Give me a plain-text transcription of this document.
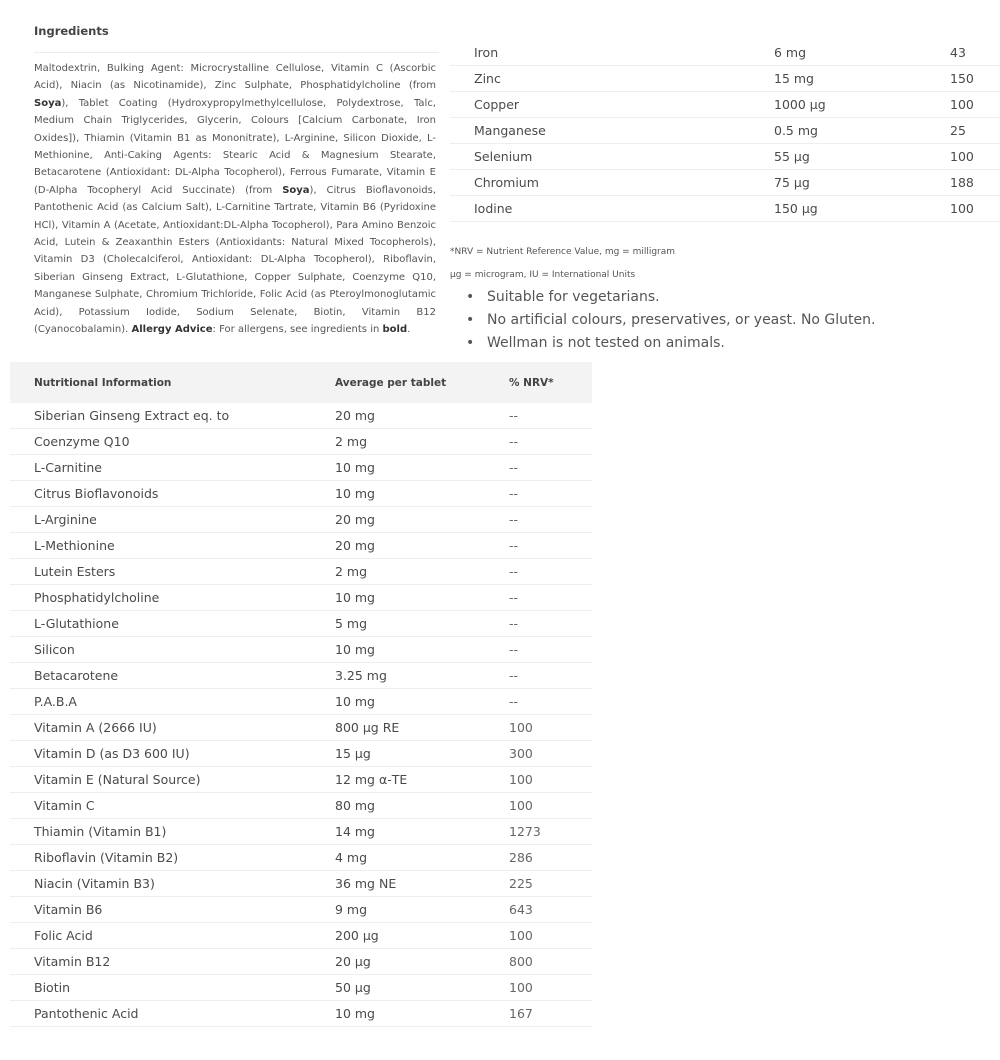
Ingredients

Maltodextrin, Bulking Agent: Microcrystalline Cellulose, Vitamin C (Ascorbic Acid), Niacin (as Nicotinamide), Zinc Sulphate, Phosphatidylcholine (from Soya), Tablet Coating (Hydroxypropylmethylcellulose, Polydextrose, Talc, Medium Chain Triglycerides, Glycerin, Colours [Calcium Carbonate, Iron Oxides]), Thiamin (Vitamin B1 as Mononitrate), L-Arginine, Silicon Dioxide, L-Methionine, Anti-Caking Agents: Stearic Acid & Magnesium Stearate, Betacarotene (Antioxidant: DL-Alpha Tocopherol), Ferrous Fumarate, Vitamin E (D-Alpha Tocopheryl Acid Succinate) (from Soya), Citrus Bioflavonoids, Pantothenic Acid (as Calcium Salt), L-Carnitine Tartrate, Vitamin B6 (Pyridoxine HCl), Vitamin A (Acetate, Antioxidant:DL-Alpha Tocopherol), Para Amino Benzoic Acid, Lutein & Zeaxanthin Esters (Antioxidants: Natural Mixed Tocopherols), Vitamin D3 (Cholecalciferol, Antioxidant: DL-Alpha Tocopherol), Riboflavin, Siberian Ginseng Extract, L-Glutathione, Copper Sulphate, Coenzyme Q10, Manganese Sulphate, Chromium Trichloride, Folic Acid (as Pteroylmonoglutamic Acid), Potassium Iodide, Sodium Selenate, Biotin, Vitamin B12 (Cyanocobalamin). Allergy Advice: For allergens, see ingredients in bold.

Iron	6 mg	43
Zinc	15 mg	150
Copper	1000 µg	100
Manganese	0.5 mg	25
Selenium	55 µg	100
Chromium	75 µg	188
Iodine	150 µg	100
*NRV = Nutrient Reference Value, mg = milligram
µg = microgram, IU = International Units
• Suitable for vegetarians.
• No artificial colours, preservatives, or yeast. No Gluten.
• Wellman is not tested on animals.
Nutritional Information	Average per tablet	% NRV*
Siberian Ginseng Extract eq. to	20 mg	--
Coenzyme Q10	2 mg	--
L-Carnitine	10 mg	--
Citrus Bioflavonoids	10 mg	--
L-Arginine	20 mg	--
L-Methionine	20 mg	--
Lutein Esters	2 mg	--
Phosphatidylcholine	10 mg	--
L-Glutathione	5 mg	--
Silicon	10 mg	--
Betacarotene	3.25 mg	--
P.A.B.A	10 mg	--
Vitamin A (2666 IU)	800 µg RE	100
Vitamin D (as D3 600 IU)	15 µg	300
Vitamin E (Natural Source)	12 mg α-TE	100
Vitamin C	80 mg	100
Thiamin (Vitamin B1)	14 mg	1273
Riboflavin (Vitamin B2)	4 mg	286
Niacin (Vitamin B3)	36 mg NE	225
Vitamin B6	9 mg	643
Folic Acid	200 µg	100
Vitamin B12	20 µg	800
Biotin	50 µg	100
Pantothenic Acid	10 mg	167
